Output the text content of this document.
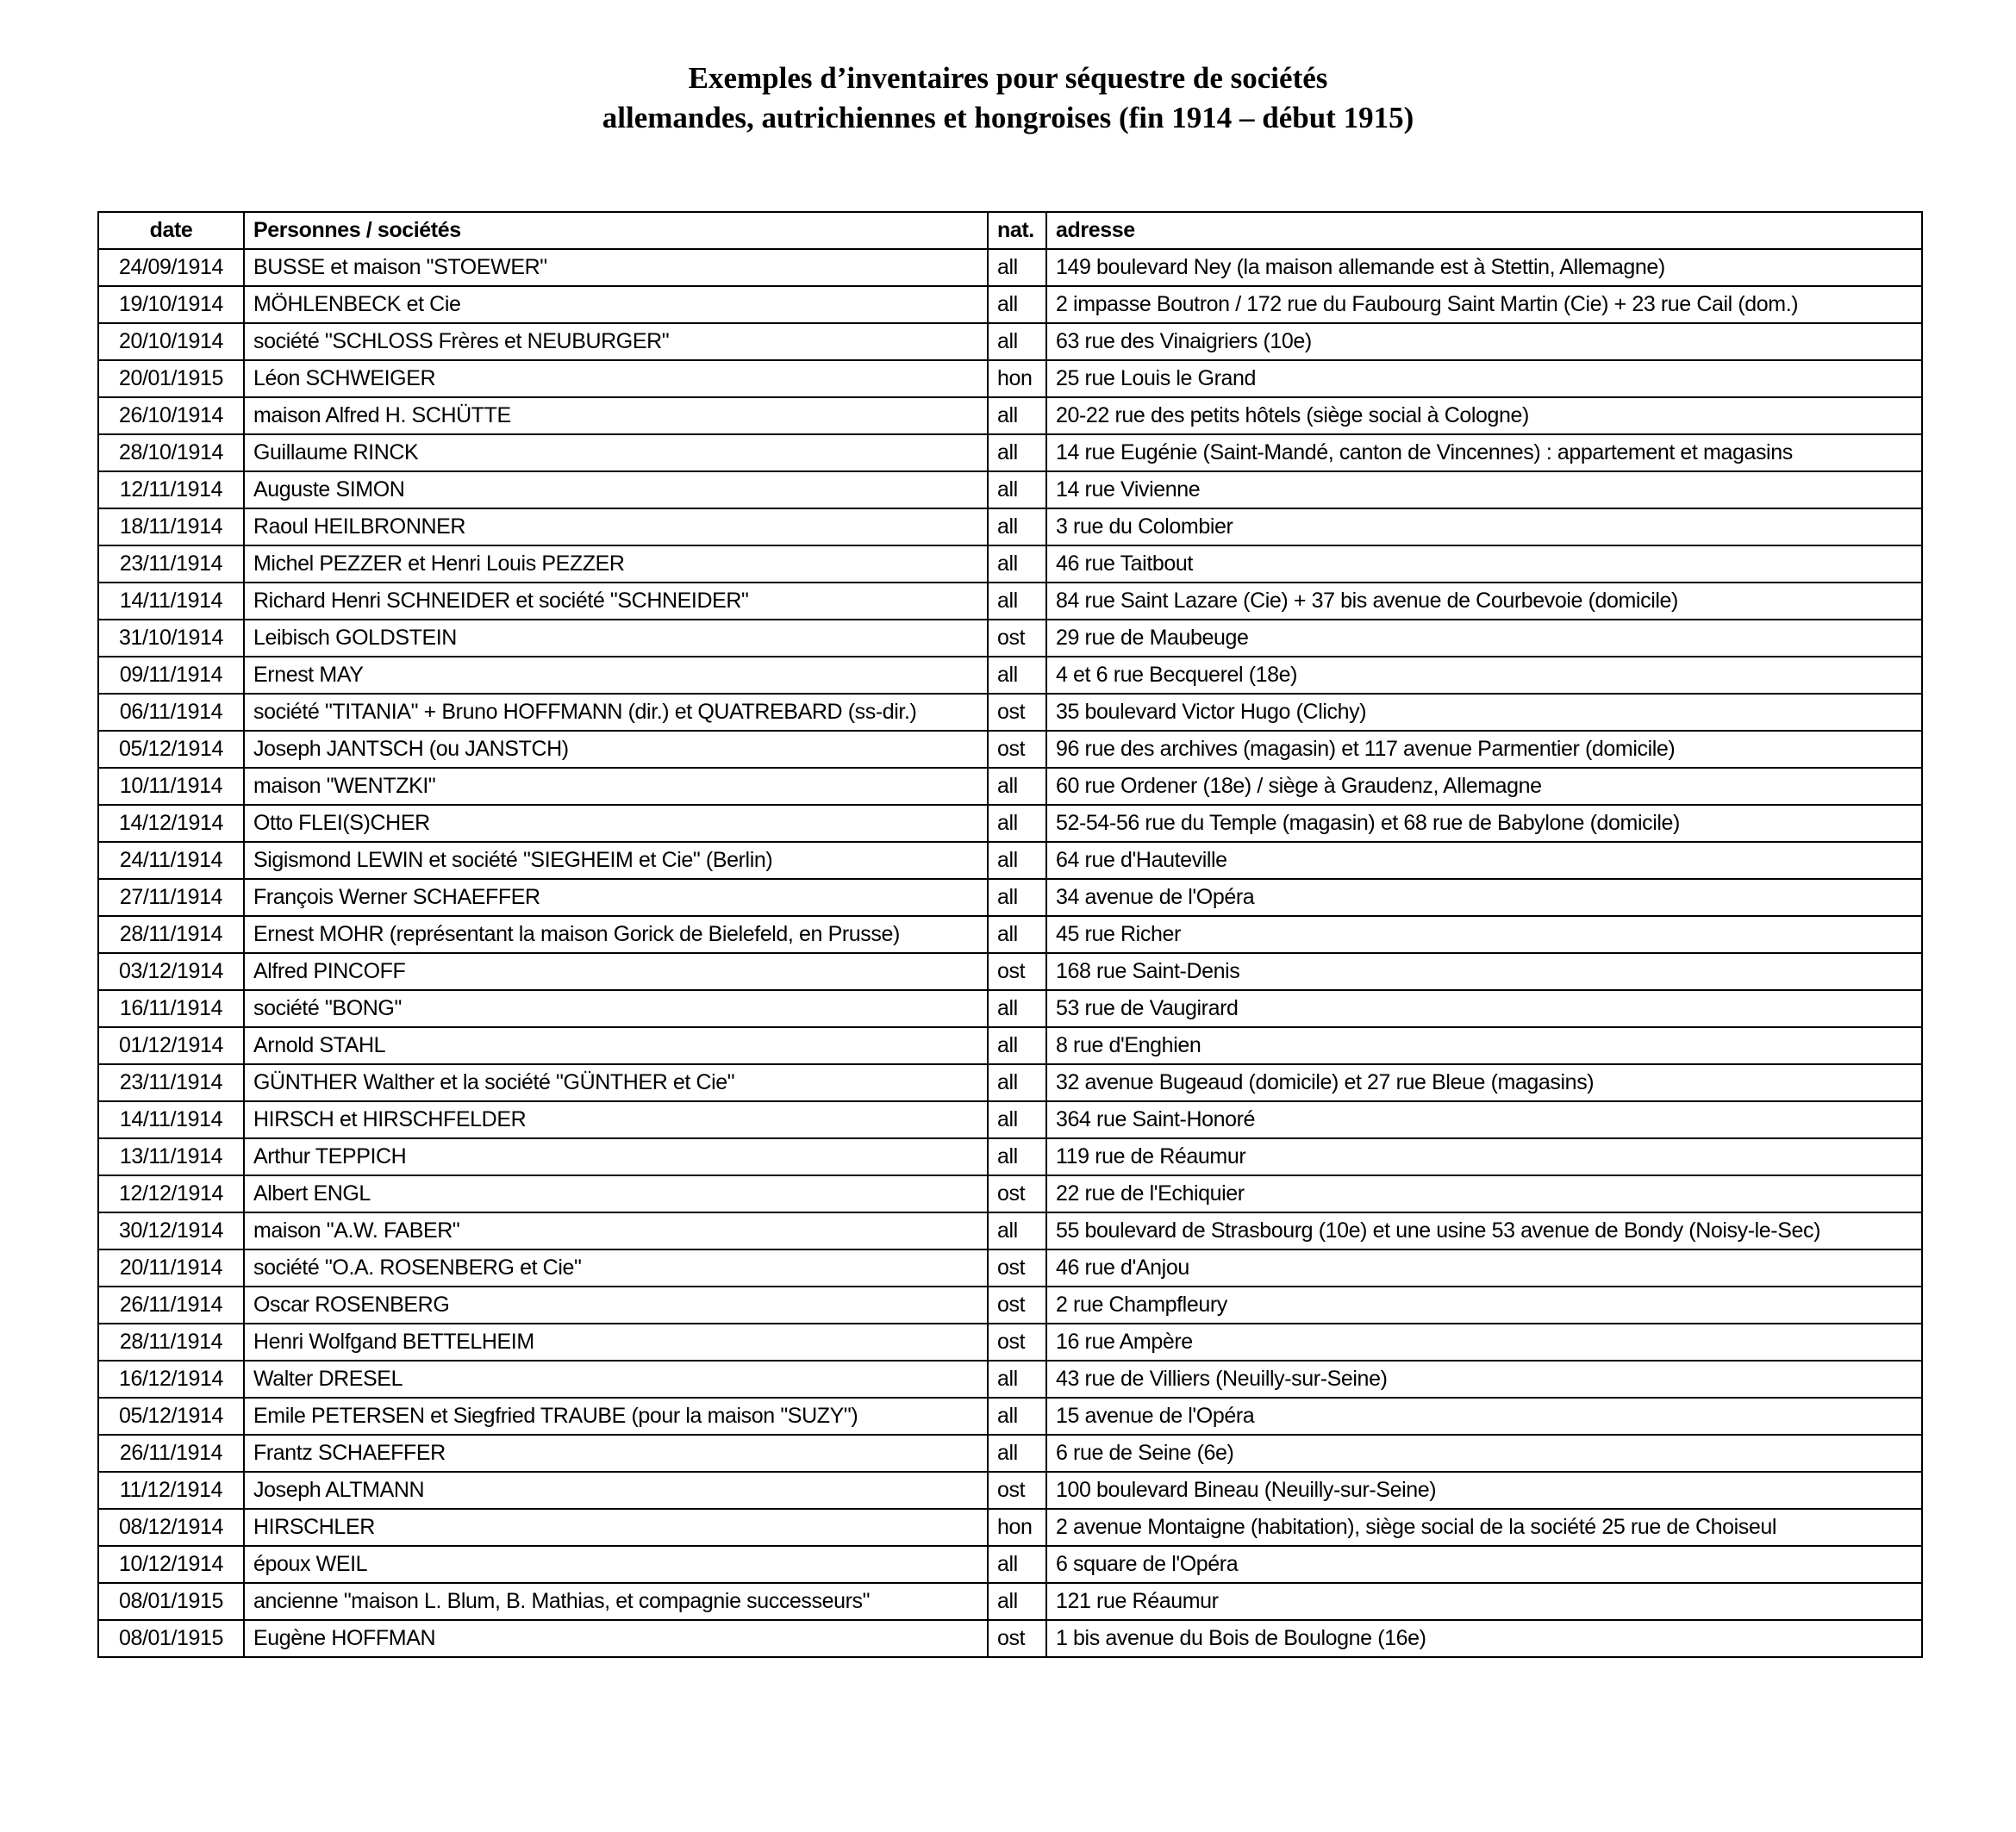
Exemples d’inventaires pour séquestre de sociétés
allemandes, autrichiennes et hongroises (fin 1914 – début 1915)
date	Personnes / sociétés	nat.	adresse
24/09/1914	BUSSE et maison "STOEWER"	all	149 boulevard Ney (la maison allemande est à Stettin, Allemagne)
19/10/1914	MÖHLENBECK et Cie	all	2 impasse Boutron / 172 rue du Faubourg Saint Martin (Cie) + 23 rue Cail (dom.)
20/10/1914	société "SCHLOSS Frères et NEUBURGER"	all	63 rue des Vinaigriers (10e)
20/01/1915	Léon SCHWEIGER	hon	25 rue Louis le Grand
26/10/1914	maison Alfred H. SCHÜTTE	all	20-22 rue des petits hôtels (siège social à Cologne)
28/10/1914	Guillaume RINCK	all	14 rue Eugénie (Saint-Mandé, canton de Vincennes) : appartement et magasins
12/11/1914	Auguste SIMON	all	14 rue Vivienne
18/11/1914	Raoul HEILBRONNER	all	3 rue du Colombier
23/11/1914	Michel PEZZER et Henri Louis PEZZER	all	46 rue Taitbout
14/11/1914	Richard Henri SCHNEIDER et société "SCHNEIDER"	all	84 rue Saint Lazare (Cie) + 37 bis avenue de Courbevoie (domicile)
31/10/1914	Leibisch GOLDSTEIN	ost	29 rue de Maubeuge
09/11/1914	Ernest MAY	all	4 et 6 rue Becquerel (18e)
06/11/1914	société "TITANIA" + Bruno HOFFMANN (dir.) et QUATREBARD (ss-dir.)	ost	35 boulevard Victor Hugo (Clichy)
05/12/1914	Joseph JANTSCH (ou JANSTCH)	ost	96 rue des archives (magasin) et 117 avenue Parmentier (domicile)
10/11/1914	maison "WENTZKI"	all	60 rue Ordener (18e) / siège à Graudenz, Allemagne
14/12/1914	Otto FLEI(S)CHER	all	52-54-56 rue du Temple (magasin) et 68 rue de Babylone (domicile)
24/11/1914	Sigismond LEWIN et société "SIEGHEIM et Cie" (Berlin)	all	64 rue d'Hauteville
27/11/1914	François Werner SCHAEFFER	all	34 avenue de l'Opéra
28/11/1914	Ernest MOHR (représentant la maison Gorick de Bielefeld, en Prusse)	all	45 rue Richer
03/12/1914	Alfred PINCOFF	ost	168 rue Saint-Denis
16/11/1914	société "BONG"	all	53 rue de Vaugirard
01/12/1914	Arnold STAHL	all	8 rue d'Enghien
23/11/1914	GÜNTHER Walther et la société "GÜNTHER et Cie"	all	32 avenue Bugeaud (domicile) et 27 rue Bleue (magasins)
14/11/1914	HIRSCH et HIRSCHFELDER	all	364 rue Saint-Honoré
13/11/1914	Arthur TEPPICH	all	119 rue de Réaumur
12/12/1914	Albert ENGL	ost	22 rue de l'Echiquier
30/12/1914	maison "A.W. FABER"	all	55 boulevard de Strasbourg (10e) et une usine 53 avenue de Bondy (Noisy-le-Sec)
20/11/1914	société "O.A. ROSENBERG et Cie"	ost	46 rue d'Anjou
26/11/1914	Oscar ROSENBERG	ost	2 rue Champfleury
28/11/1914	Henri Wolfgand BETTELHEIM	ost	16 rue Ampère
16/12/1914	Walter DRESEL	all	43 rue de Villiers (Neuilly-sur-Seine)
05/12/1914	Emile PETERSEN et Siegfried TRAUBE (pour la maison "SUZY")	all	15 avenue de l'Opéra
26/11/1914	Frantz SCHAEFFER	all	6 rue de Seine (6e)
11/12/1914	Joseph ALTMANN	ost	100 boulevard Bineau (Neuilly-sur-Seine)
08/12/1914	HIRSCHLER	hon	2 avenue Montaigne (habitation), siège social de la société 25 rue de Choiseul
10/12/1914	époux WEIL	all	6 square de l'Opéra
08/01/1915	ancienne "maison L. Blum, B. Mathias, et compagnie successeurs"	all	121 rue Réaumur
08/01/1915	Eugène HOFFMAN	ost	1 bis avenue du Bois de Boulogne (16e)
